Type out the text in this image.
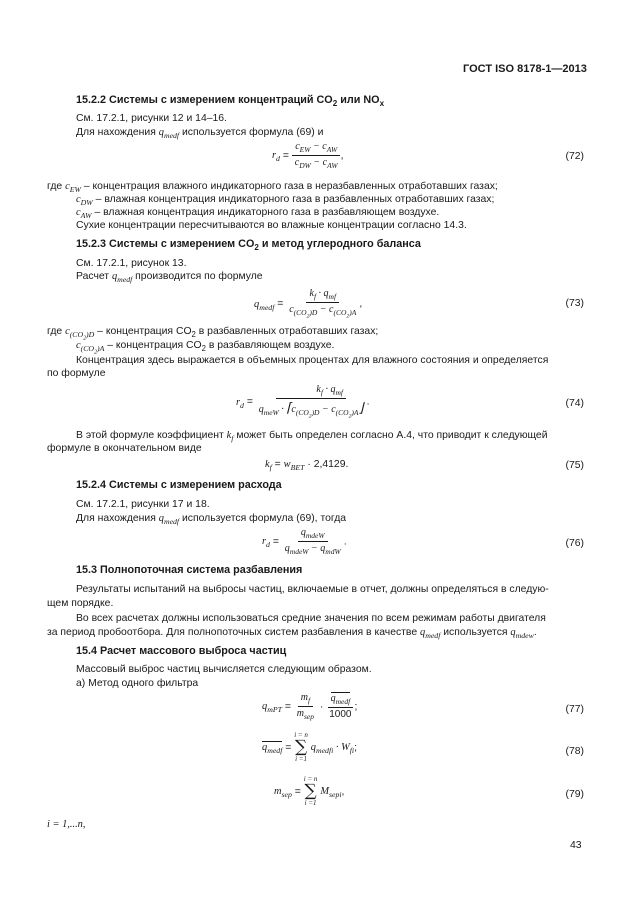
ГОСТ ISO 8178-1—2013
15.2.2 Системы с измерением концентраций $CO_2$ или $NO_x$
См. 17.2.1, рисунки 12 и 14–16.
Для нахождения $q_{medf}$ используется формула (69) и
$r_d = \frac{c_{EW} - c_{AW}}{c_{DW} - c_{AW}}$ ,	(72)
где $c_{EW}$ – концентрация влажного индикаторного газа в неразбавленных отработавших газах;
$c_{DW}$ – влажная концентрация индикаторного газа в разбавленных отработавших газах;
$c_{AW}$ – влажная концентрация индикаторного газа в разбавляющем воздухе.
Сухие концентрации пересчитываются во влажные концентрации согласно 14.3.
15.2.3 Системы с измерением $CO_2$ и метод углеродного баланса
См. 17.2.1, рисунок 13.
Расчет $q_{medf}$ производится по формуле
$q_{medf} = \frac{k_f \cdot q_{mf}}{c_{(CO_2)D} - c_{(CO_2)A}}$ ,	(73)
где $c_{(CO_2)D}$ – концентрация $CO_2$ в разбавленных отработавших газах;
$c_{(CO_2)A}$ – концентрация $CO_2$ в разбавляющем воздухе.
Концентрация здесь выражается в объемных процентах для влажного состояния и определяется
по формуле
$r_d = \frac{k_f \cdot q_{mf}}{q_{meW} \cdot ⌈c_{(CO_2)D} - c_{(CO_2)A}⌋}$ .	(74)
В этой формуле коэффициент $k_f$ может быть определен согласно А.4, что приводит к следующей
формуле в окончательном виде
$k_f = w_{BET} \cdot 2,4129$.	(75)
15.2.4 Системы с измерением расхода
См. 17.2.1, рисунки 17 и 18.
Для нахождения $q_{medf}$ используется формула (69), тогда
$r_d = \frac{q_{mdeW}}{q_{mdeW} - q_{mdW}}$ .	(76)
15.3 Полнопоточная система разбавления
Результаты испытаний на выбросы частиц, включаемые в отчет, должны определяться в следую-
щем порядке.
Во всех расчетах должны использоваться средние значения по всем режимам работы двигателя
за период пробоотбора. Для полнопоточных систем разбавления в качестве $q_{medf}$ используется $q_{mdew}$.
15.4 Расчет массового выброса частиц
Массовый выброс частиц вычисляется следующим образом.
а) Метод одного фильтра
$q_{mPT} = \frac{m_f}{m_{sep}} \cdot \frac{q_{medf}}{1000}$ ;	(77)
$q_{medf}$ =
i = n
∑
i =1
$q_{medfi} \cdot W_{fi}$;	(78)
$m_{sep}$ =
i = n
∑
i =1
$M_{sepi}$,	(79)
i = 1,...n,
43
